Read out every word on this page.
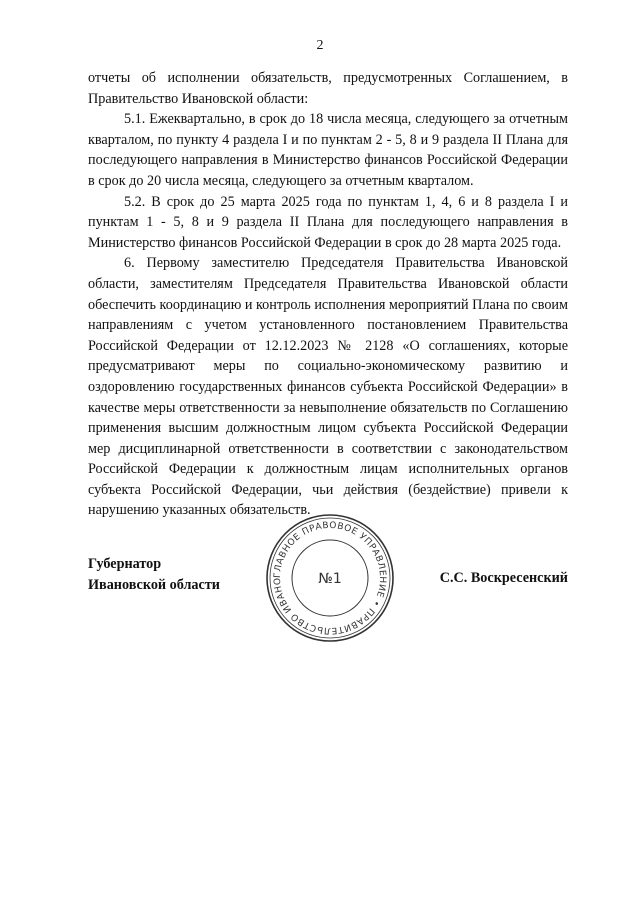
2

отчеты об исполнении обязательств, предусмотренных Соглашением, в Правительство Ивановской области:

5.1. Ежеквартально, в срок до 18 числа месяца, следующего за отчетным кварталом, по пункту 4 раздела I и по пунктам 2 - 5, 8 и 9 раздела II Плана для последующего направления в Министерство финансов Российской Федерации в срок до 20 числа месяца, следующего за отчетным кварталом.

5.2. В срок до 25 марта 2025 года по пунктам 1, 4, 6 и 8 раздела I и пунктам 1 - 5, 8 и 9 раздела II Плана для последующего направления в Министерство финансов Российской Федерации в срок до 28 марта 2025 года.

6. Первому заместителю Председателя Правительства Ивановской области, заместителям Председателя Правительства Ивановской области обеспечить координацию и контроль исполнения мероприятий Плана по своим направлениям с учетом установленного постановлением Правительства Российской Федерации от 12.12.2023 № 2128 «О соглашениях, которые предусматривают меры по социально-экономическому развитию и оздоровлению государственных финансов субъекта Российской Федерации» в качестве меры ответственности за невыполнение обязательств по Соглашению применения высшим должностным лицом субъекта Российской Федерации мер дисциплинарной ответственности в соответствии с законодательством Российской Федерации к должностным лицам исполнительных органов субъекта Российской Федерации, чьи действия (бездействие) привели к нарушению указанных обязательств.

Губернатор
Ивановской области
ГЛАВНОЕ ПРАВОВОЕ УПРАВЛЕНИЕ • ПРАВИТЕЛЬСТВО ИВАНО	№1	С.С. Воскресенский
